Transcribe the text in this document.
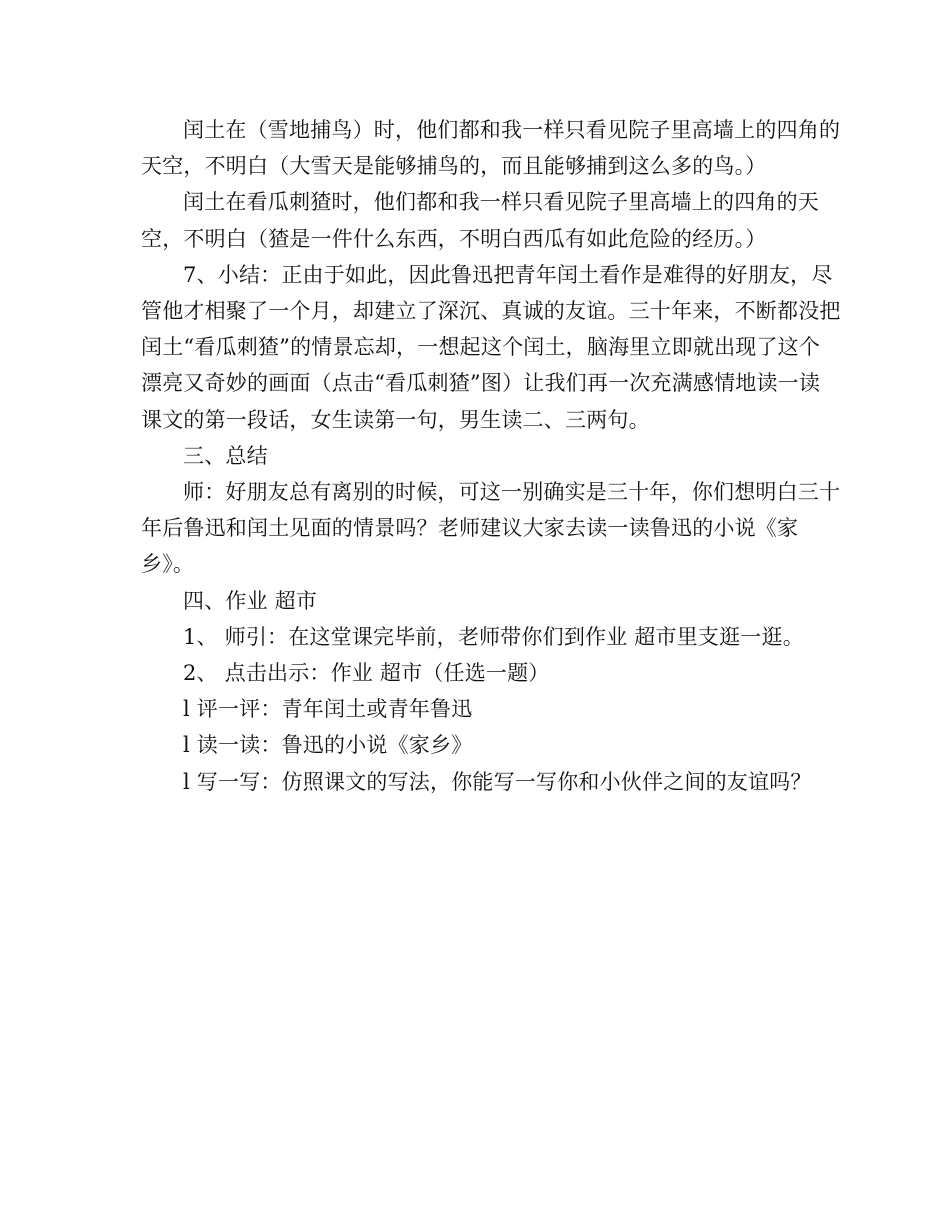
闰土在（雪地捕鸟）时，他们都和我一样只看见院子里高墙上的四角的天空，不明白（大雪天是能够捕鸟的，而且能够捕到这么多的鸟。）

闰土在看瓜刺猹时，他们都和我一样只看见院子里高墙上的四角的天空，不明白（猹是一件什么东西，不明白西瓜有如此危险的经历。）

7、小结：正由于如此，因此鲁迅把青年闰土看作是难得的好朋友，尽管他才相聚了一个月，却建立了深沉、真诚的友谊。三十年来，不断都没把闰土“看瓜刺猹”的情景忘却，一想起这个闰土，脑海里立即就出现了这个漂亮又奇妙的画面（点击“看瓜刺猹”图）让我们再一次充满感情地读一读课文的第一段话，女生读第一句，男生读二、三两句。

三、总结

师：好朋友总有离别的时候，可这一别确实是三十年，你们想明白三十年后鲁迅和闰土见面的情景吗？老师建议大家去读一读鲁迅的小说《家乡》。

四、作业 超市

1、 师引：在这堂课完毕前，老师带你们到作业 超市里支逛一逛。

2、 点击出示：作业 超市（任选一题）

l 评一评：青年闰土或青年鲁迅

l 读一读：鲁迅的小说《家乡》

l 写一写：仿照课文的写法，你能写一写你和小伙伴之间的友谊吗？
